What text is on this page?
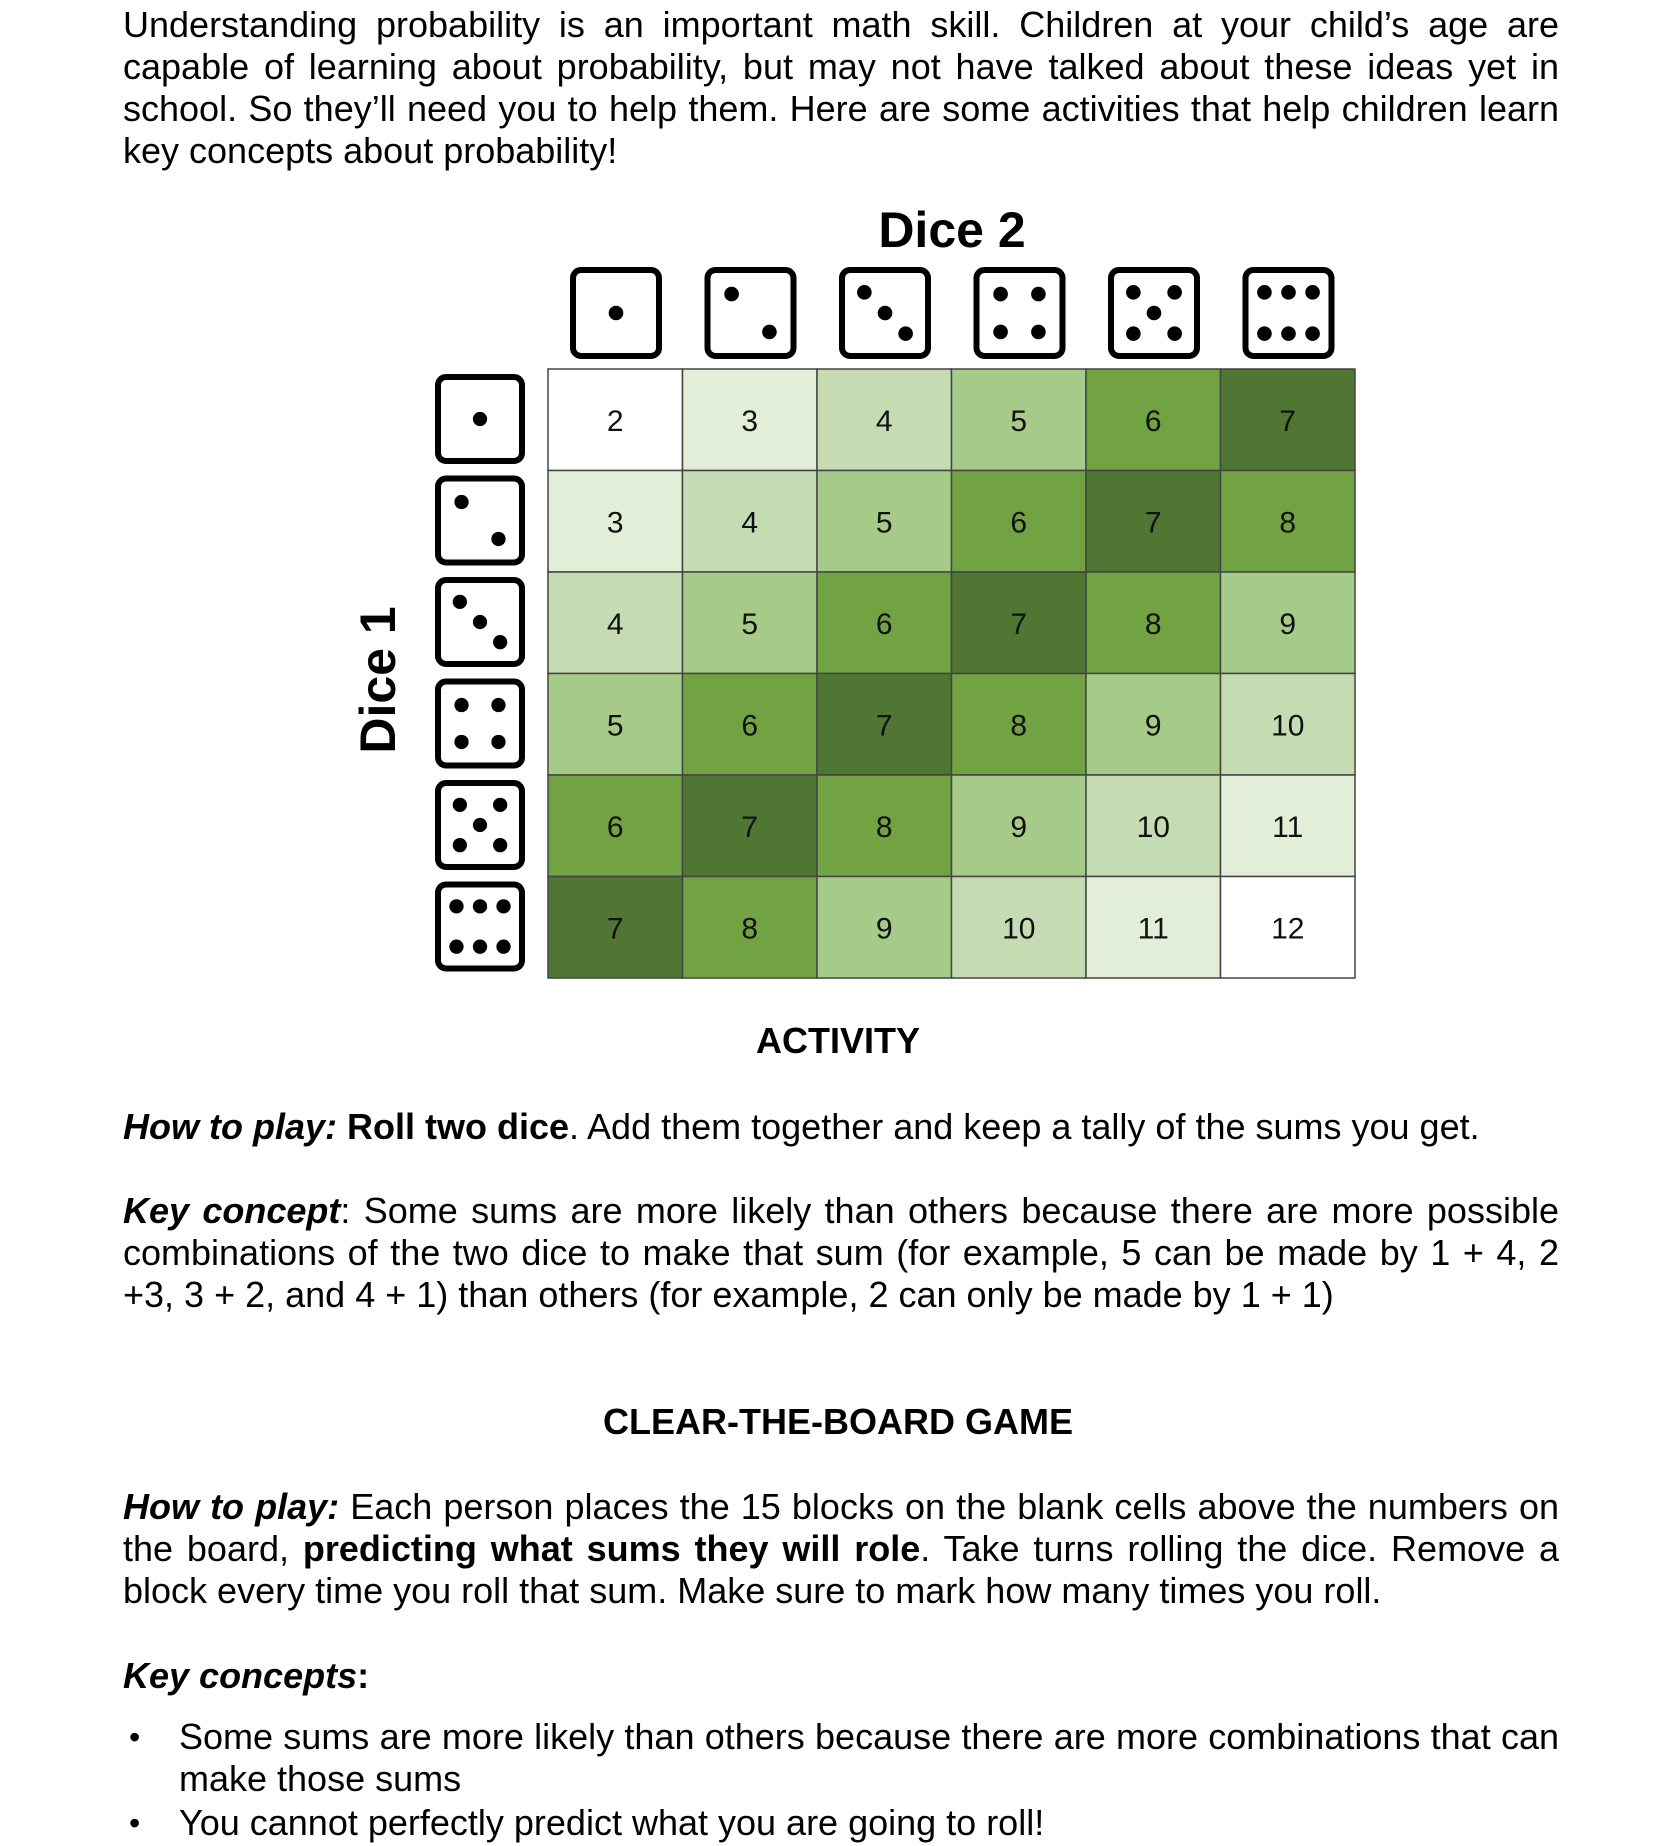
Understanding probability is an important math skill. Children at your child’s age are capable of learning about probability, but may not have talked about these ideas yet in school. So they’ll need you to help them. Here are some activities that help children learn key concepts about probability!

Dice 2
Dice 1
2	3	4	5	6	7
3	4	5	6	7	8
4	5	6	7	8	9
5	6	7	8	9	10
6	7	8	9	10	11
7	8	9	10	11	12
ACTIVITY

How to play: Roll two dice. Add them together and keep a tally of the sums you get.

Key concept: Some sums are more likely than others because there are more possible combinations of the two dice to make that sum (for example, 5 can be made by 1 + 4, 2 +3, 3 + 2, and 4 + 1) than others (for example, 2 can only be made by 1 + 1)

CLEAR-THE-BOARD GAME

How to play: Each person places the 15 blocks on the blank cells above the numbers on the board, predicting what sums they will role. Take turns rolling the dice. Remove a block every time you roll that sum. Make sure to mark how many times you roll.

Key concepts:

• Some sums are more likely than others because there are more combinations that can make those sums
• You cannot perfectly predict what you are going to roll!
